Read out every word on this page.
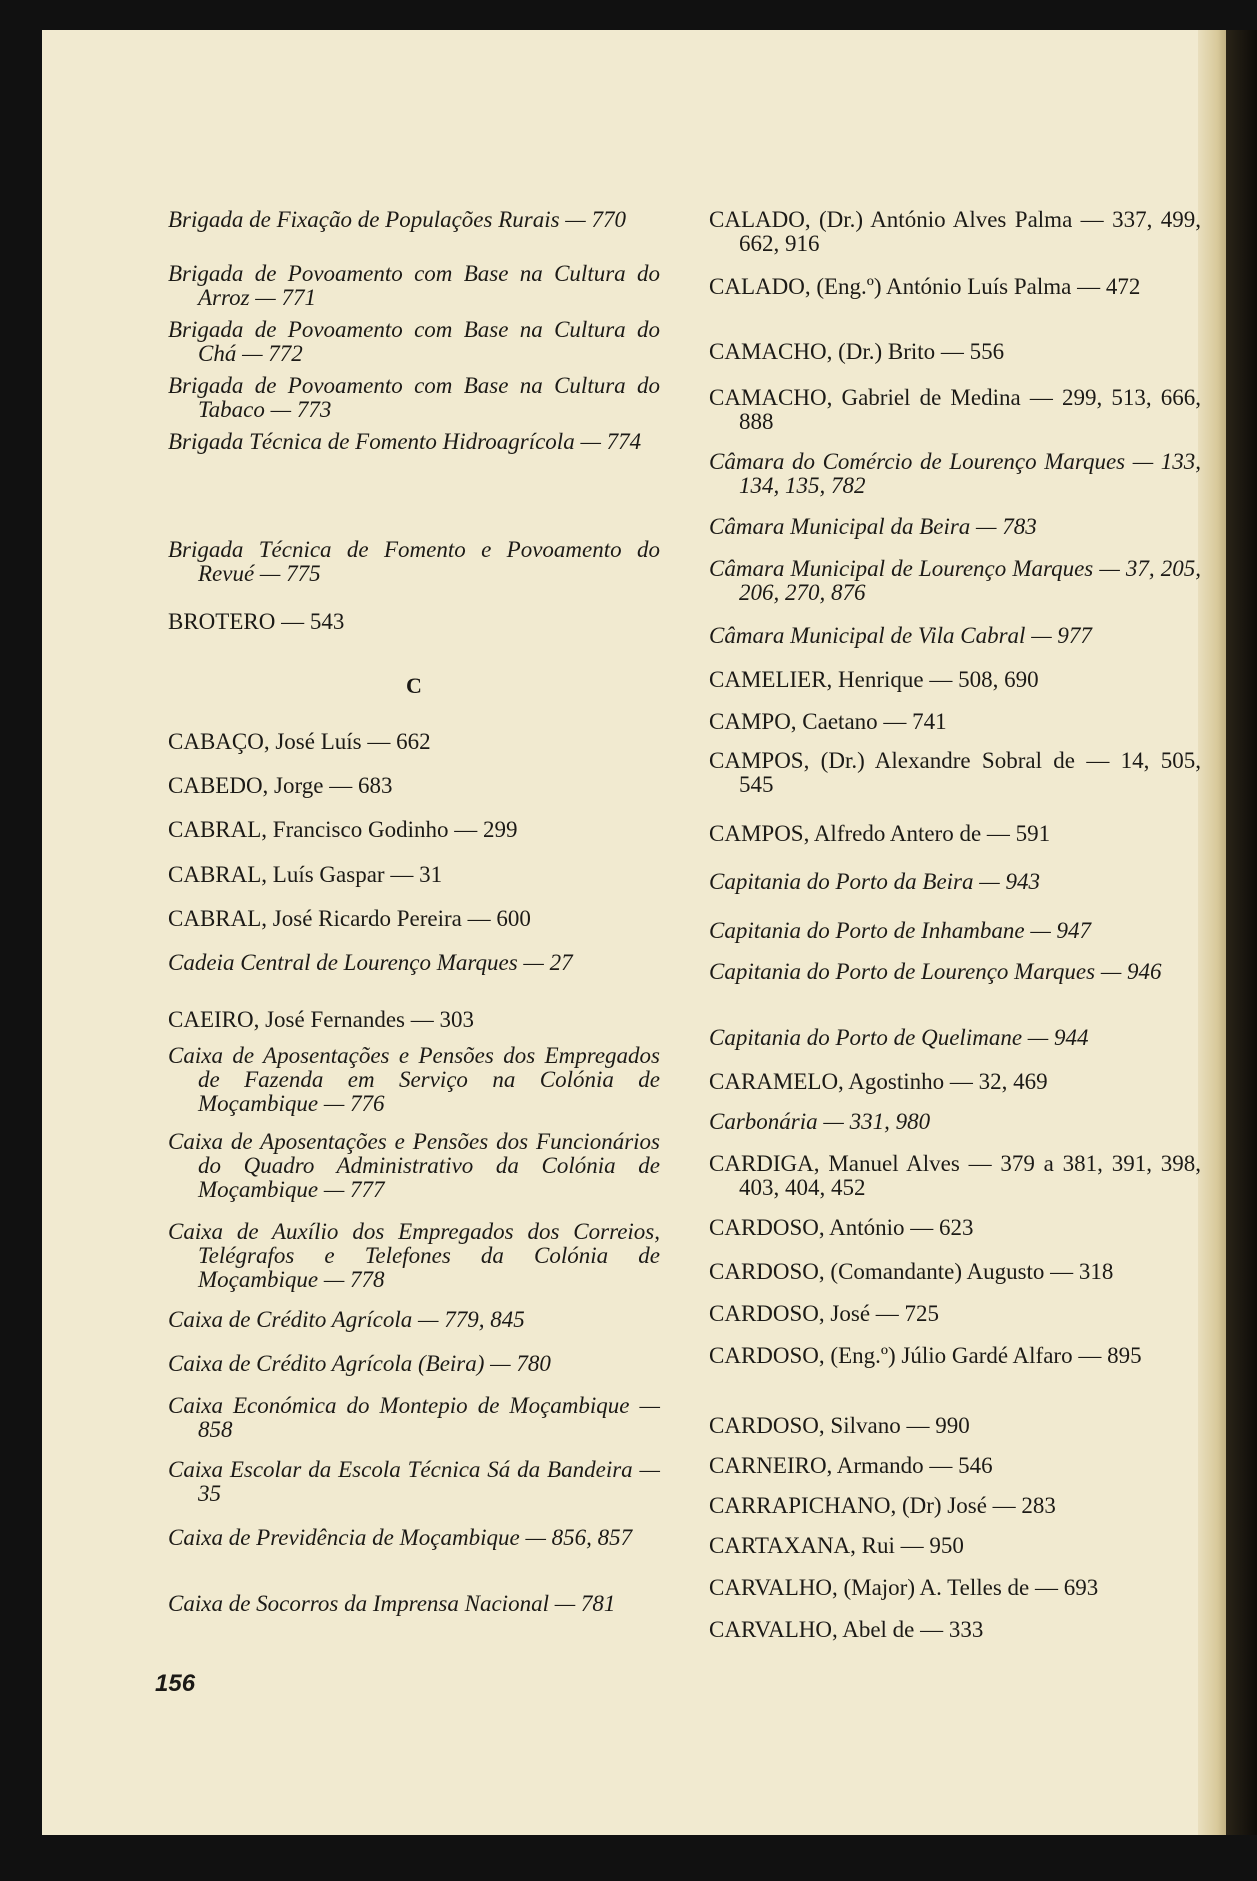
Brigada de Fixação de Populações Rurais — 770

Brigada de Povoamento com Base na Cultura do Arroz — 771

Brigada de Povoamento com Base na Cultura do Chá — 772

Brigada de Povoamento com Base na Cultura do Tabaco — 773

Brigada Técnica de Fomento Hidroagrícola — 774

Brigada Técnica de Fomento e Povoamento do Revué — 775

BROTERO — 543

C

CABAÇO, José Luís — 662

CABEDO, Jorge — 683

CABRAL, Francisco Godinho — 299

CABRAL, Luís Gaspar — 31

CABRAL, José Ricardo Pereira — 600

Cadeia Central de Lourenço Marques — 27

CAEIRO, José Fernandes — 303

Caixa de Aposentações e Pensões dos Empregados de Fazenda em Serviço na Colónia de Moçambique — 776

Caixa de Aposentações e Pensões dos Funcionários do Quadro Administrativo da Colónia de Moçambique — 777

Caixa de Auxílio dos Empregados dos Correios, Telégrafos e Telefones da Colónia de Moçambique — 778

Caixa de Crédito Agrícola — 779, 845

Caixa de Crédito Agrícola (Beira) — 780

Caixa Económica do Montepio de Moçambique — 858

Caixa Escolar da Escola Técnica Sá da Bandeira — 35

Caixa de Previdência de Moçambique — 856, 857

Caixa de Socorros da Imprensa Nacional — 781

CALADO, (Dr.) António Alves Palma — 337, 499, 662, 916

CALADO, (Eng.º) António Luís Palma — 472

CAMACHO, (Dr.) Brito — 556

CAMACHO, Gabriel de Medina — 299, 513, 666, 888

Câmara do Comércio de Lourenço Marques — 133, 134, 135, 782

Câmara Municipal da Beira — 783

Câmara Municipal de Lourenço Marques — 37, 205, 206, 270, 876

Câmara Municipal de Vila Cabral — 977

CAMELIER, Henrique — 508, 690

CAMPO, Caetano — 741

CAMPOS, (Dr.) Alexandre Sobral de — 14, 505, 545

CAMPOS, Alfredo Antero de — 591

Capitania do Porto da Beira — 943

Capitania do Porto de Inhambane — 947

Capitania do Porto de Lourenço Marques — 946

Capitania do Porto de Quelimane — 944

CARAMELO, Agostinho — 32, 469

Carbonária — 331, 980

CARDIGA, Manuel Alves — 379 a 381, 391, 398, 403, 404, 452

CARDOSO, António — 623

CARDOSO, (Comandante) Augusto — 318

CARDOSO, José — 725

CARDOSO, (Eng.º) Júlio Gardé Alfaro — 895

CARDOSO, Silvano — 990

CARNEIRO, Armando — 546

CARRAPICHANO, (Dr) José — 283

CARTAXANA, Rui — 950

CARVALHO, (Major) A. Telles de — 693

CARVALHO, Abel de — 333

156
